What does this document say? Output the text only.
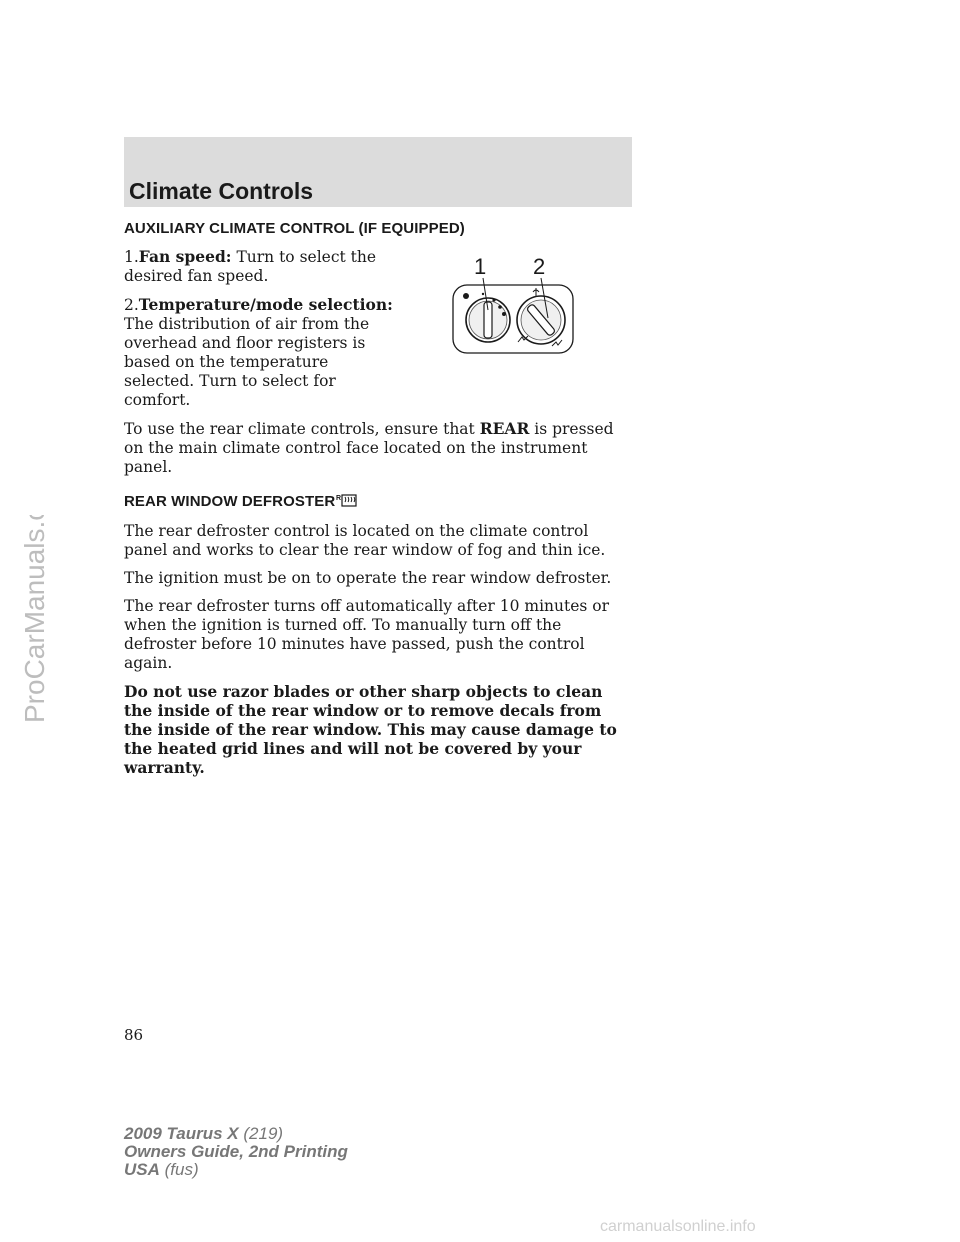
Climate Controls
AUXILIARY CLIMATE CONTROL (IF EQUIPPED)

1.Fan speed: Turn to select the desired fan speed.

2.Temperature/mode selection: The distribution of air from the overhead and floor registers is based on the temperature selected. Turn to select for comfort.

To use the rear climate controls, ensure that REAR is pressed on the main climate control face located on the instrument panel.

REAR WINDOW DEFROSTER R

The rear defroster control is located on the climate control panel and works to clear the rear window of fog and thin ice.

The ignition must be on to operate the rear window defroster.

The rear defroster turns off automatically after 10 minutes or when the ignition is turned off. To manually turn off the defroster before 10 minutes have passed, push the control again.

Do not use razor blades or other sharp objects to clean the inside of the rear window or to remove decals from the inside of the rear window. This may cause damage to the heated grid lines and will not be covered by your warranty.

1 2
ProCarManuals.com
86
2009 Taurus X (219)
Owners Guide, 2nd Printing
USA (fus)
carmanualsonline.info
